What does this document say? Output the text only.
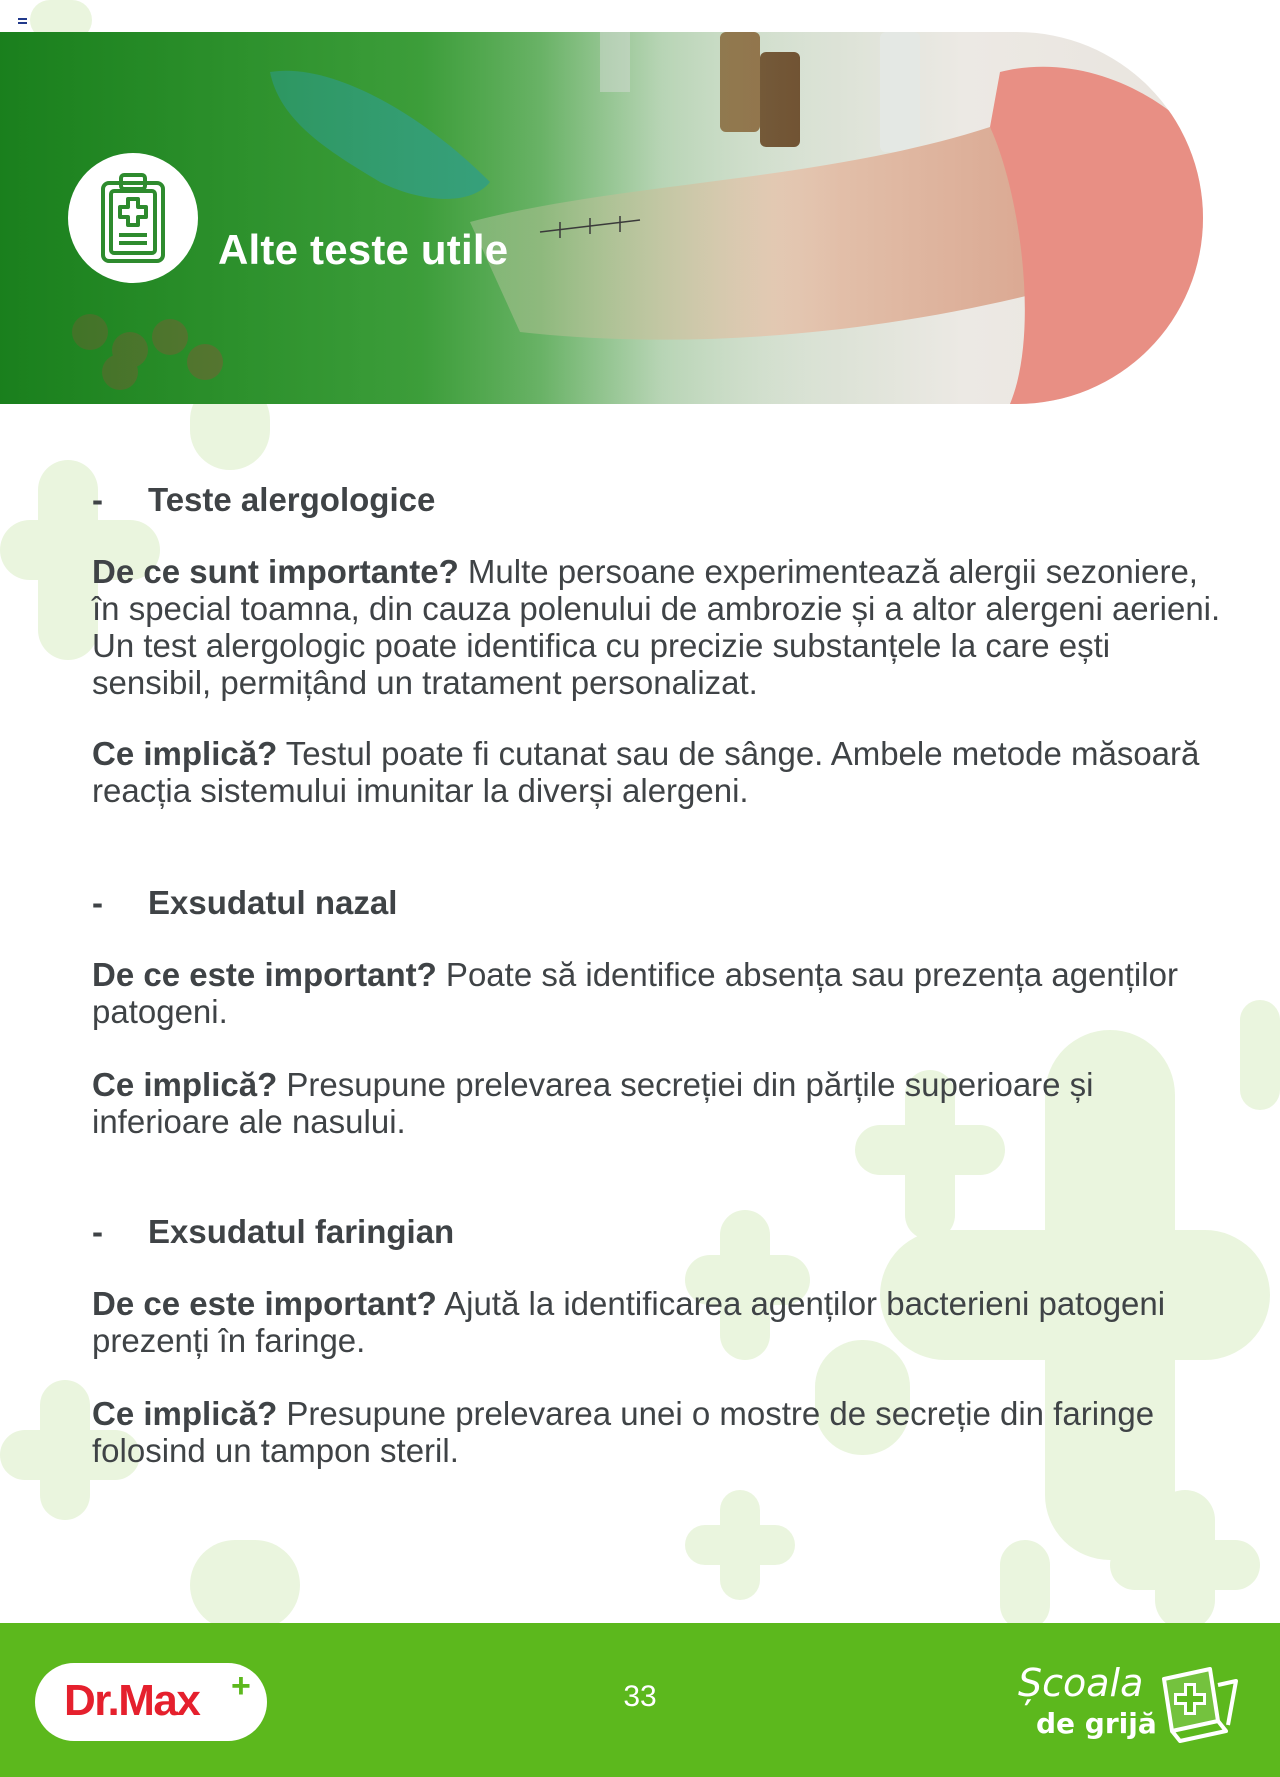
Alte teste utile
- Teste alergologice
De ce sunt importante? Multe persoane experimentează alergii sezoniere, în special toamna, din cauza polenului de ambrozie și a altor alergeni aerieni. Un test alergologic poate identifica cu precizie substanțele la care ești sensibil, permițând un tratament personalizat.
Ce implică? Testul poate fi cutanat sau de sânge. Ambele metode măsoară reacția sistemului imunitar la diverși alergeni.
- Exsudatul nazal
De ce este important? Poate să identifice absența sau prezența agenților patogeni.
Ce implică? Presupune prelevarea secreției din părțile superioare și inferioare ale nasului.
- Exsudatul faringian
De ce este important? Ajută la identificarea agenților bacterieni patogeni prezenți în faringe.
Ce implică? Presupune prelevarea unei o mostre de secreție din faringe folosind un tampon steril.
Dr.Max +	33	Școala
de grijă
